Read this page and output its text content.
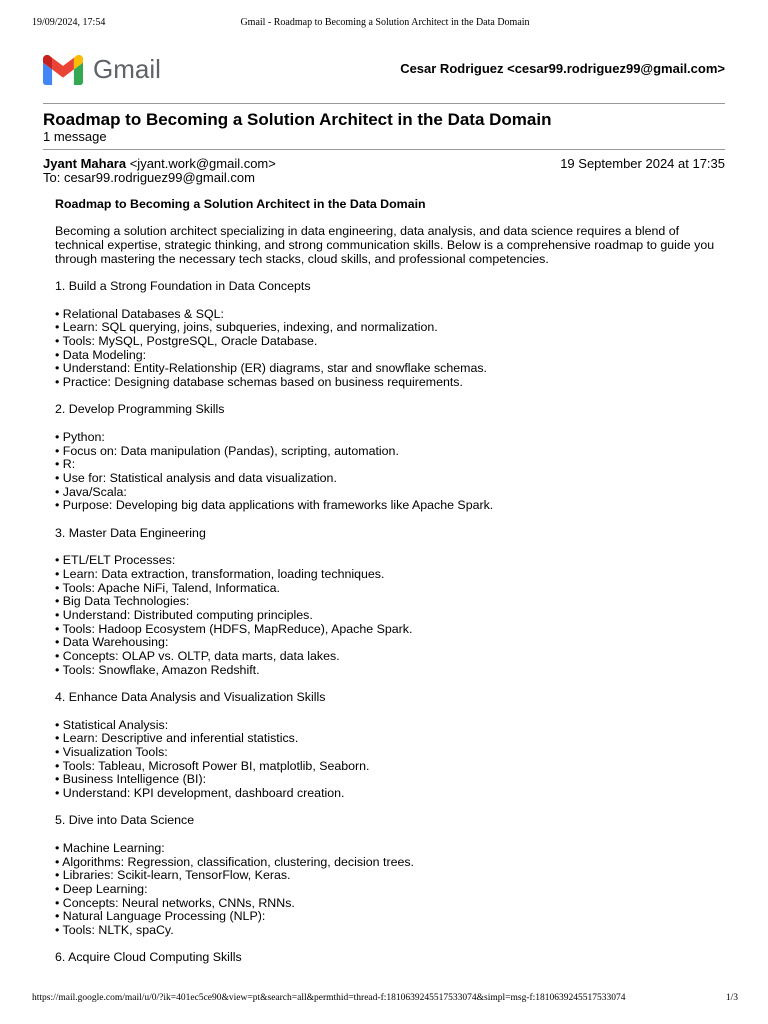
19/09/2024, 17:54	Gmail - Roadmap to Becoming a Solution Architect in the Data Domain
Gmail	Cesar Rodriguez <cesar99.rodriguez99@gmail.com>
Roadmap to Becoming a Solution Architect in the Data Domain
1 message
Jyant Mahara <jyant.work@gmail.com>	19 September 2024 at 17:35
To: cesar99.rodriguez99@gmail.com
Roadmap to Becoming a Solution Architect in the Data Domain
Becoming a solution architect specializing in data engineering, data analysis, and data science requires a blend of technical expertise, strategic thinking, and strong communication skills. Below is a comprehensive roadmap to guide you through mastering the necessary tech stacks, cloud skills, and professional competencies.
1. Build a Strong Foundation in Data Concepts
• Relational Databases & SQL:
• Learn: SQL querying, joins, subqueries, indexing, and normalization.
• Tools: MySQL, PostgreSQL, Oracle Database.
• Data Modeling:
• Understand: Entity-Relationship (ER) diagrams, star and snowflake schemas.
• Practice: Designing database schemas based on business requirements.
2. Develop Programming Skills
• Python:
• Focus on: Data manipulation (Pandas), scripting, automation.
• R:
• Use for: Statistical analysis and data visualization.
• Java/Scala:
• Purpose: Developing big data applications with frameworks like Apache Spark.
3. Master Data Engineering
• ETL/ELT Processes:
• Learn: Data extraction, transformation, loading techniques.
• Tools: Apache NiFi, Talend, Informatica.
• Big Data Technologies:
• Understand: Distributed computing principles.
• Tools: Hadoop Ecosystem (HDFS, MapReduce), Apache Spark.
• Data Warehousing:
• Concepts: OLAP vs. OLTP, data marts, data lakes.
• Tools: Snowflake, Amazon Redshift.
4. Enhance Data Analysis and Visualization Skills
• Statistical Analysis:
• Learn: Descriptive and inferential statistics.
• Visualization Tools:
• Tools: Tableau, Microsoft Power BI, matplotlib, Seaborn.
• Business Intelligence (BI):
• Understand: KPI development, dashboard creation.
5. Dive into Data Science
• Machine Learning:
• Algorithms: Regression, classification, clustering, decision trees.
• Libraries: Scikit-learn, TensorFlow, Keras.
• Deep Learning:
• Concepts: Neural networks, CNNs, RNNs.
• Natural Language Processing (NLP):
• Tools: NLTK, spaCy.
6. Acquire Cloud Computing Skills
https://mail.google.com/mail/u/0/?ik=401ec5ce90&view=pt&search=all&permthid=thread-f:1810639245517533074&simpl=msg-f:1810639245517533074	1/3
